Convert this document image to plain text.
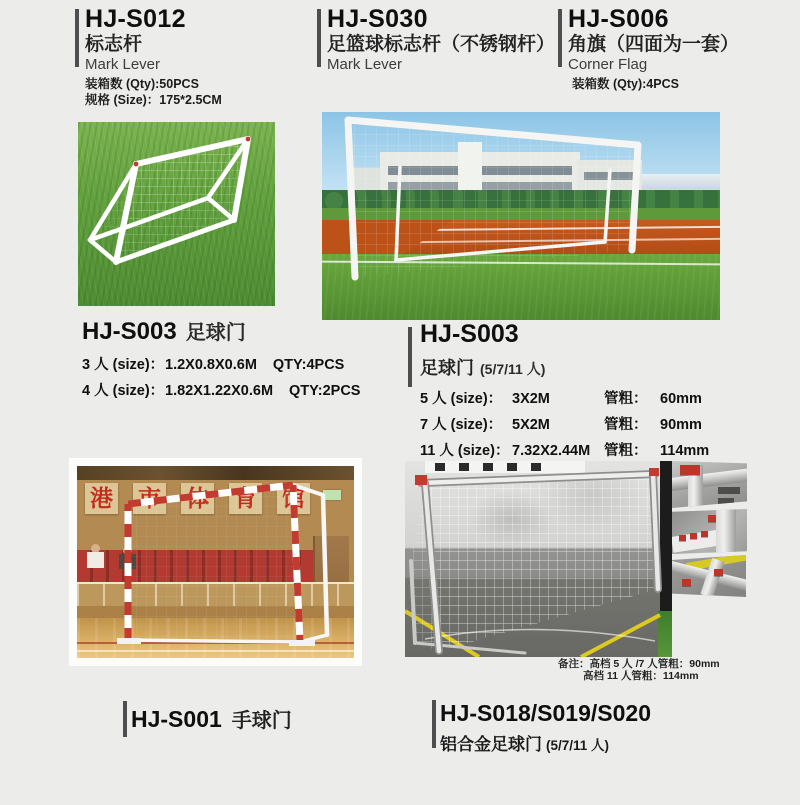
HJ-S012
标志杆
Mark Lever
装箱数 (Qty):50PCS
规格 (Size)：175*2.5CM
HJ-S030
足篮球标志杆（不锈钢杆）
Mark Lever
HJ-S006
角旗（四面为一套）
Corner Flag
装箱数 (Qty):4PCS
HJ-S003 足球门
3 人 (size)：1.2X0.8X0.6M QTY:4PCS
4 人 (size)：1.82X1.22X0.6M QTY:2PCS
HJ-S003
足球门 (5/7/11 人)
5 人 (size)： 3X2M	管粗： 60mm
7 人 (size)： 5X2M	管粗： 90mm
11 人 (size)： 7.32X2.44M 管粗： 114mm
港 市 体 育 馆
备注：高档 5 人 /7 人管粗：90mm
高档 11 人管粗：114mm
HJ-S001 手球门	HJ-S018/S019/S020
铝合金足球门 (5/7/11 人)
